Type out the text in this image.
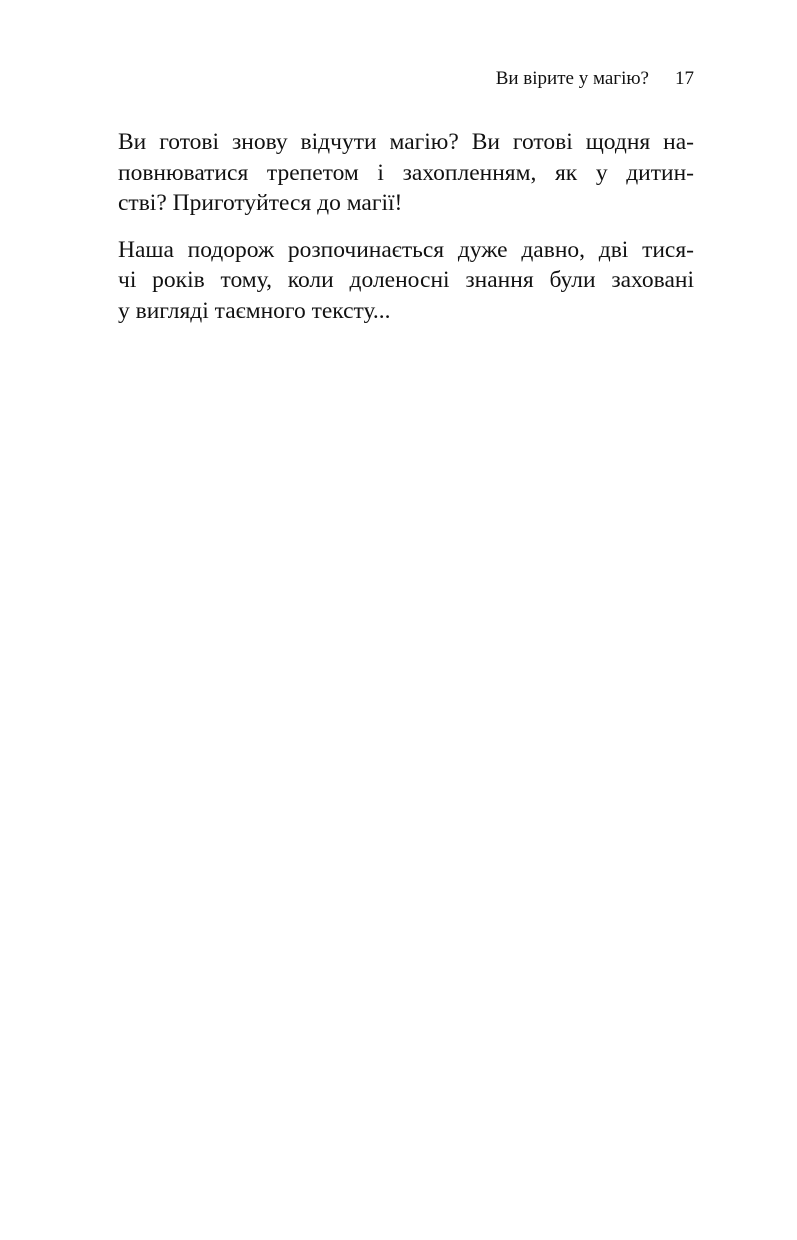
Ви вірите у магію? 17

Ви готові знову відчути магію? Ви готові щодня на-
повнюватися трепетом і захопленням, як у дитин-
стві? Приготуйтеся до магії!

Наша подорож розпочинається дуже давно, дві тися-
чі років тому, коли доленосні знання були заховані
у вигляді таємного тексту...
